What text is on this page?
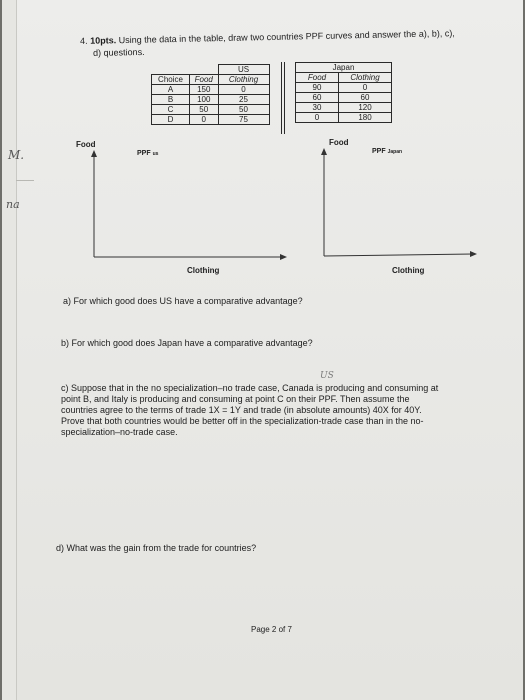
M.
na
4. 10pts. Using the data in the table, draw two countries PPF curves and answer the a), b), c),
d) questions.
		US
Choice	Food	Clothing
A	150	0
B	100	25
C	50	50
D	0	75
Japan	
Food	Clothing
90	0
60	60
30	120
0	180
Food
PPF us
Clothing
Food
PPF Japan
Clothing
a) For which good does US have a comparative advantage?
b) For which good does Japan have a comparative advantage?
US
c) Suppose that in the no specialization–no trade case, Canada is producing and consuming at
point B, and Italy is producing and consuming at point C on their PPF. Then assume the
countries agree to the terms of trade 1X = 1Y and trade (in absolute amounts) 40X for 40Y.
Prove that both countries would be better off in the specialization-trade case than in the no-
specialization–no-trade case.
d) What was the gain from the trade for countries?
Page 2 of 7
